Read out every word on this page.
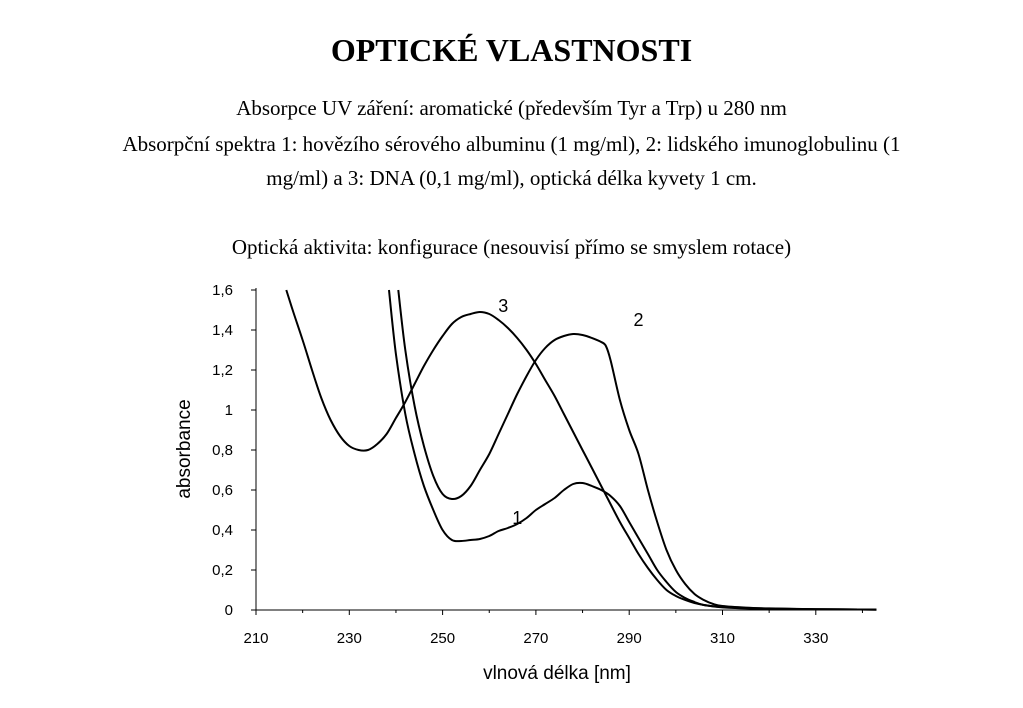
OPTICKÉ VLASTNOSTI

Absorpce UV záření: aromatické (především Tyr a Trp) u 280 nm

Absorpční spektra 1: hovězího sérového albuminu (1 mg/ml), 2: lidského imunoglobulinu (1

mg/ml) a 3: DNA (0,1 mg/ml), optická délka kyvety 1 cm.

Optická aktivita: konfigurace (nesouvisí přímo se smyslem rotace)

0
0,2
0,4
0,6
0,8
1
1,2
1,4
1,6
210	230	250	270	290	310	330
1
2
3
vlnová délka [nm]
absorbance
